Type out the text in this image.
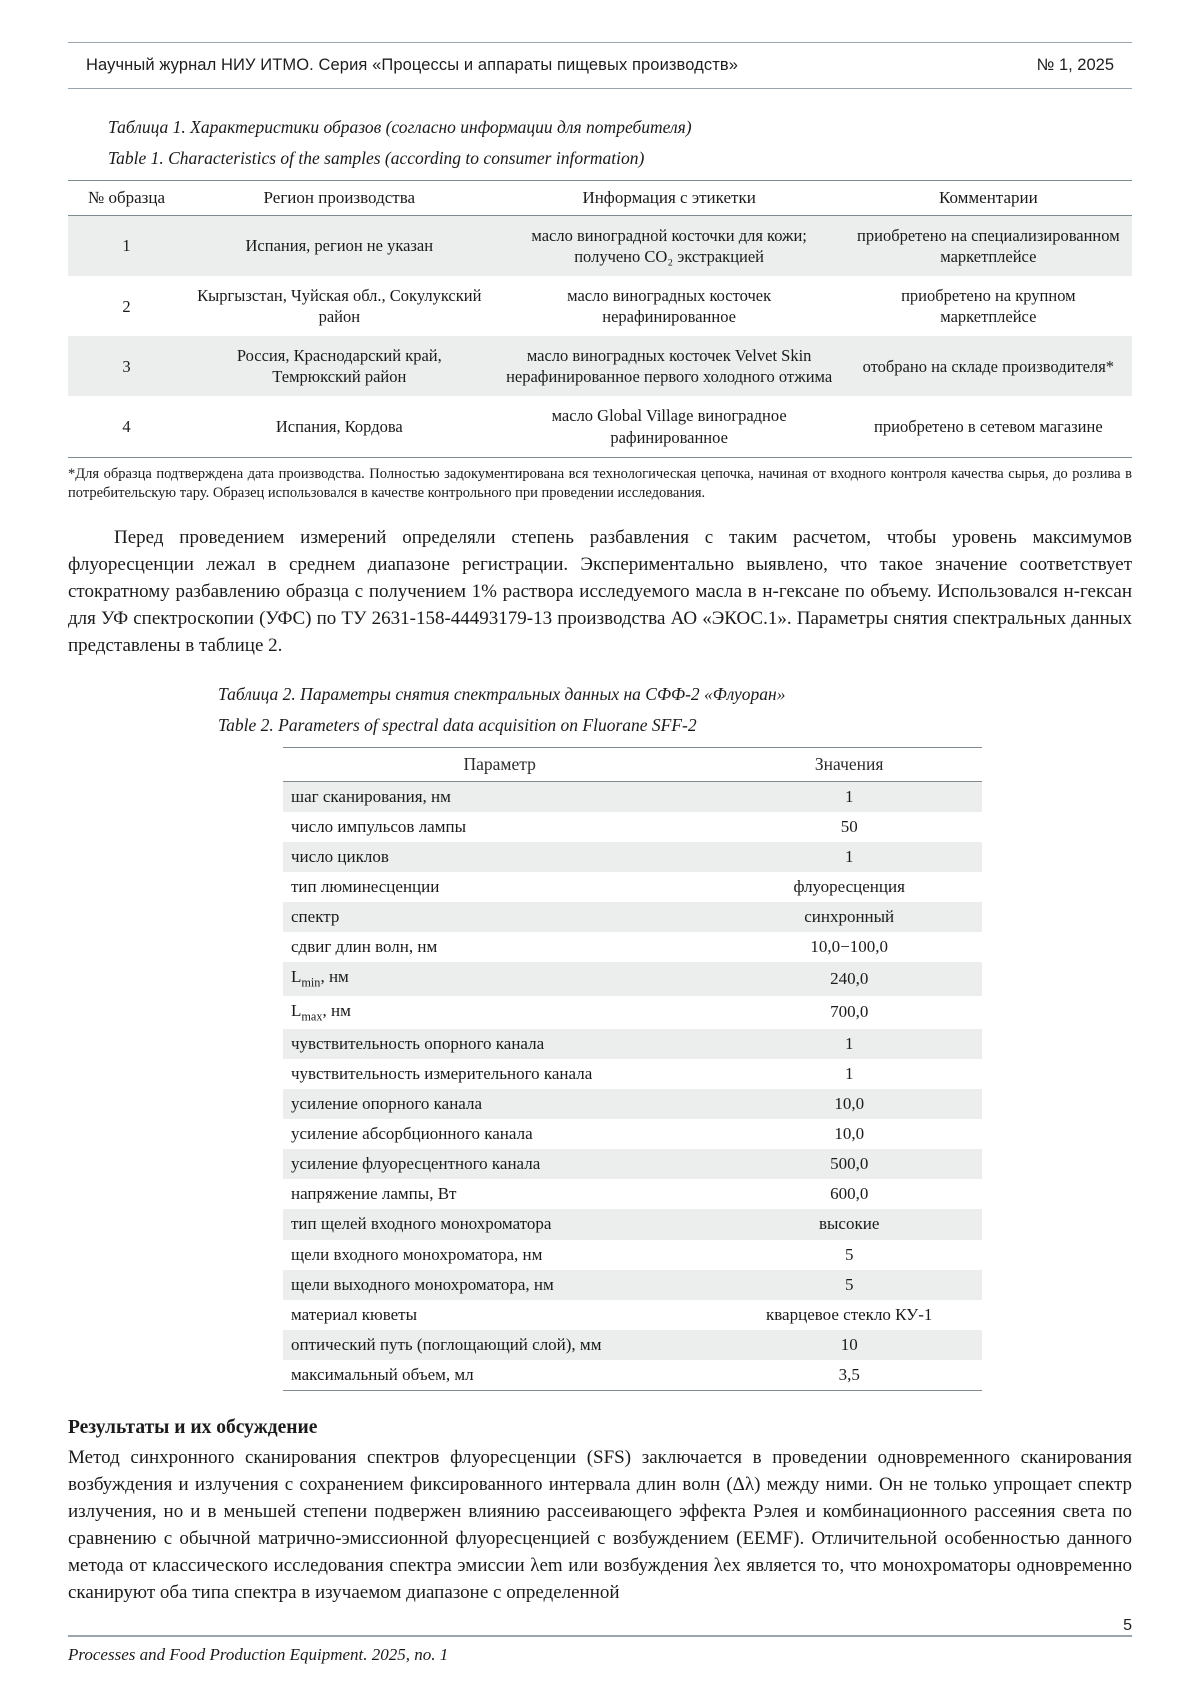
Научный журнал НИУ ИТМО. Серия «Процессы и аппараты пищевых производств»	№ 1, 2025
Таблица 1. Характеристики образов (согласно информации для потребителя)
Table 1. Characteristics of the samples (according to consumer information)
№ образца	Регион производства	Информация с этикетки	Комментарии
1	Испания, регион не указан	масло виноградной косточки для кожи; получено CO₂ экстракцией	приобретено на специализированном маркетплейсе
2	Кыргызстан, Чуйская обл., Сокулукский район	масло виноградных косточек нерафинированное	приобретено на крупном маркетплейсе
3	Россия, Краснодарский край, Темрюкский район	масло виноградных косточек Velvet Skin нерафинированное первого холодного отжима	отобрано на складе производителя*
4	Испания, Кордова	масло Global Village виноградное рафинированное	приобретено в сетевом магазине

*Для образца подтверждена дата производства. Полностью задокументирована вся технологическая цепочка, начиная от входного контроля качества сырья, до розлива в потребительскую тару. Образец использовался в качестве контрольного при проведении исследования.

Перед проведением измерений определяли степень разбавления с таким расчетом, чтобы уровень максимумов флуоресценции лежал в среднем диапазоне регистрации. Экспериментально выявлено, что такое значение соответствует стократному разбавлению образца с получением 1% раствора исследуемого масла в н-гексане по объему. Использовался н-гексан для УФ спектроскопии (УФС) по ТУ 2631-158-44493179-13 производства АО «ЭКОС.1». Параметры снятия спектральных данных представлены в таблице 2.

Таблица 2. Параметры снятия спектральных данных на СФФ-2 «Флуоран»
Table 2. Parameters of spectral data acquisition on Fluorane SFF-2
Параметр	Значения
шаг сканирования, нм	1
число импульсов лампы	50
число циклов	1
тип люминесценции	флуоресценция
спектр	синхронный
сдвиг длин волн, нм	10,0−100,0
$L_{min}$, нм	240,0
$L_{max}$, нм	700,0
чувствительность опорного канала	1
чувствительность измерительного канала	1
усиление опорного канала	10,0
усиление абсорбционного канала	10,0
усиление флуоресцентного канала	500,0
напряжение лампы, Вт	600,0
тип щелей входного монохроматора	высокие
щели входного монохроматора, нм	5
щели выходного монохроматора, нм	5
материал кюветы	кварцевое стекло КУ-1
оптический путь (поглощающий слой), мм	10
максимальный объем, мл	3,5
Результаты и их обсуждение

Метод синхронного сканирования спектров флуоресценции (SFS) заключается в проведении одновременного сканирования возбуждения и излучения с сохранением фиксированного интервала длин волн (Δλ) между ними. Он не только упрощает спектр излучения, но и в меньшей степени подвержен влиянию рассеивающего эффекта Рэлея и комбинационного рассеяния света по сравнению с обычной матрично-эмиссионной флуоресценцией с возбуждением (EEMF). Отличительной особенностью данного метода от классического исследования спектра эмиссии λem или возбуждения λex является то, что монохроматоры одновременно сканируют оба типа спектра в изучаемом диапазоне с определенной

5
Processes and Food Production Equipment. 2025, no. 1
